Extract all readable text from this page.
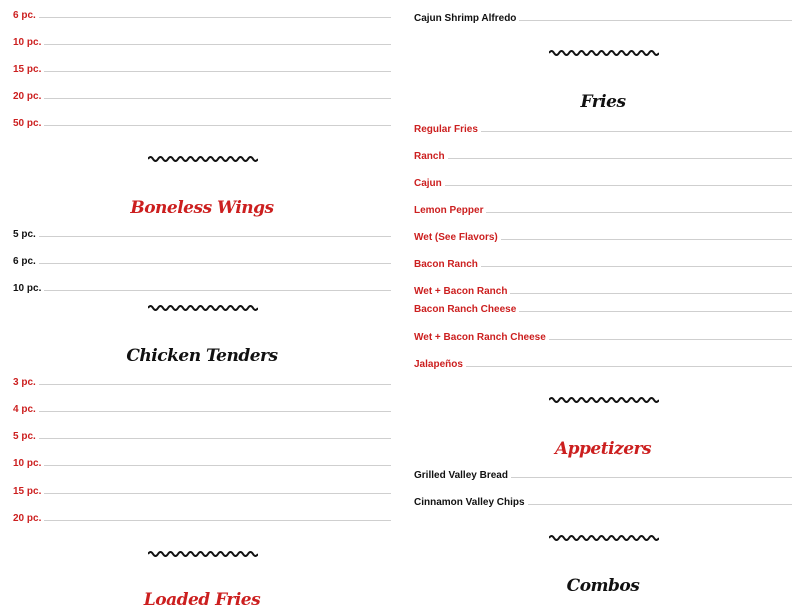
6 pc.
10 pc.
15 pc.
20 pc.
50 pc.
Boneless Wings
5 pc.
6 pc.
10 pc.
Chicken Tenders
3 pc.
4 pc.
5 pc.
10 pc.
15 pc.
20 pc.
Loaded Fries
Cajun Shrimp Alfredo
Fries
Regular Fries
Ranch
Cajun
Lemon Pepper
Wet (See Flavors)
Bacon Ranch
Wet + Bacon Ranch
Bacon Ranch Cheese
Wet + Bacon Ranch Cheese
Jalapeños
Appetizers
Grilled Valley Bread
Cinnamon Valley Chips
Combos
